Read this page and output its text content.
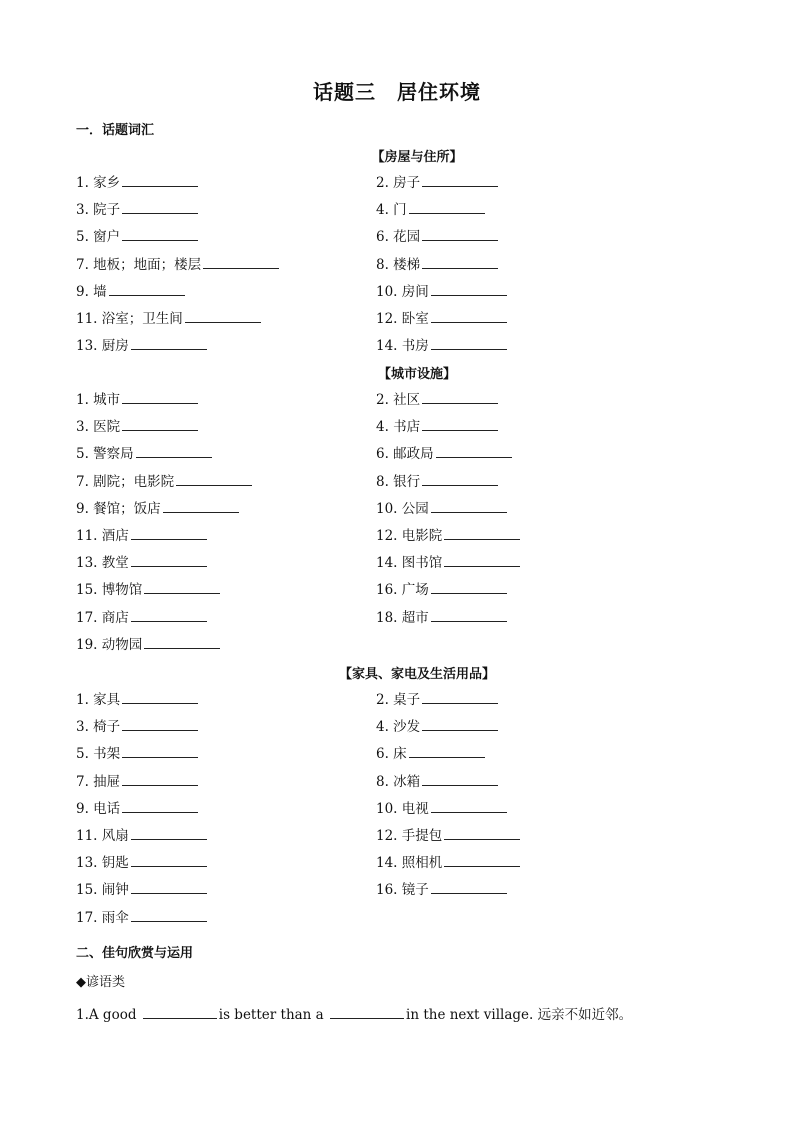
话题三　居住环境
一．话题词汇
【房屋与住所】
【城市设施】
【家具、家电及生活用品】
1. 家乡	2. 房子
3. 院子	4. 门
5. 窗户	6. 花园
7. 地板；地面；楼层	8. 楼梯
9. 墙	10. 房间
11. 浴室；卫生间	12. 卧室
13. 厨房	14. 书房
1. 城市	2. 社区
3. 医院	4. 书店
5. 警察局	6. 邮政局
7. 剧院；电影院	8. 银行
9. 餐馆；饭店	10. 公园
11. 酒店	12. 电影院
13. 教堂	14. 图书馆
15. 博物馆	16. 广场
17. 商店	18. 超市
19. 动物园
1. 家具	2. 桌子
3. 椅子	4. 沙发
5. 书架	6. 床
7. 抽屉	8. 冰箱
9. 电话	10. 电视
11. 风扇	12. 手提包
13. 钥匙	14. 照相机
15. 闹钟	16. 镜子
17. 雨伞
二、佳句欣赏与运用
◆谚语类
1.A good	is better than a	in the next village. 远亲不如近邻。
